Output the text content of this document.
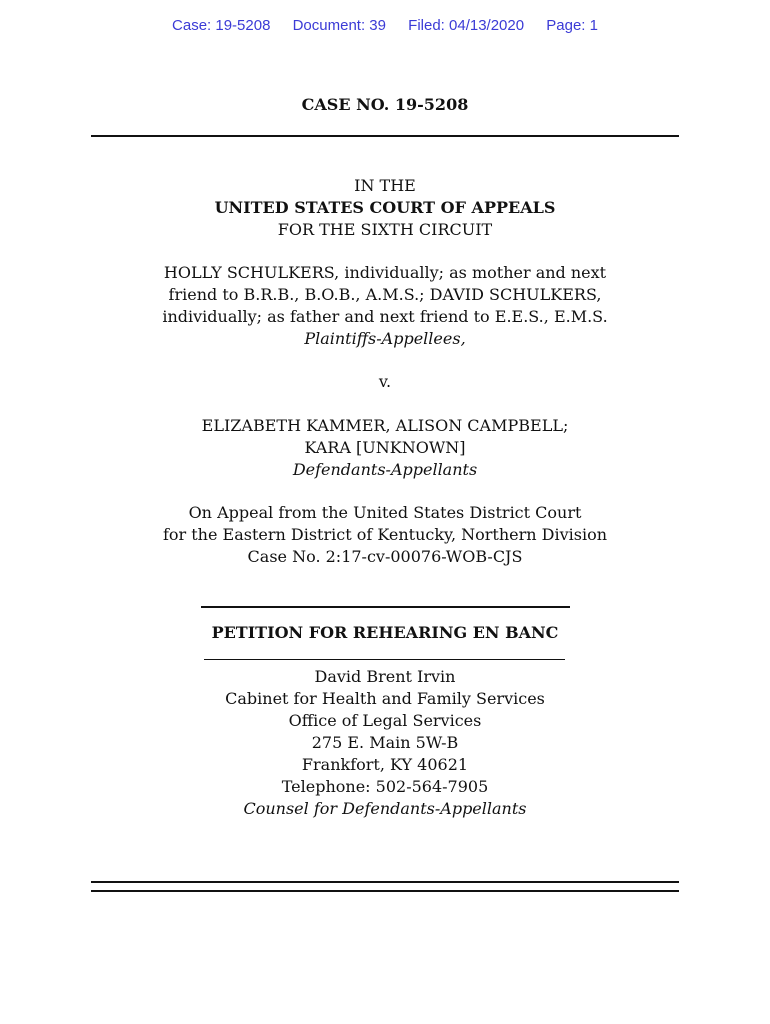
Case: 19-5208 Document: 39 Filed: 04/13/2020 Page: 1
CASE NO. 19-5208
IN THE
UNITED STATES COURT OF APPEALS
FOR THE SIXTH CIRCUIT
HOLLY SCHULKERS, individually; as mother and next
friend to B.R.B., B.O.B., A.M.S.; DAVID SCHULKERS,
individually; as father and next friend to E.E.S., E.M.S.
Plaintiffs-Appellees,
v.
ELIZABETH KAMMER, ALISON CAMPBELL;
KARA [UNKNOWN]
Defendants-Appellants
On Appeal from the United States District Court
for the Eastern District of Kentucky, Northern Division
Case No. 2:17-cv-00076-WOB-CJS
PETITION FOR REHEARING EN BANC
David Brent Irvin
Cabinet for Health and Family Services
Office of Legal Services
275 E. Main 5W-B
Frankfort, KY 40621
Telephone: 502-564-7905
Counsel for Defendants-Appellants
